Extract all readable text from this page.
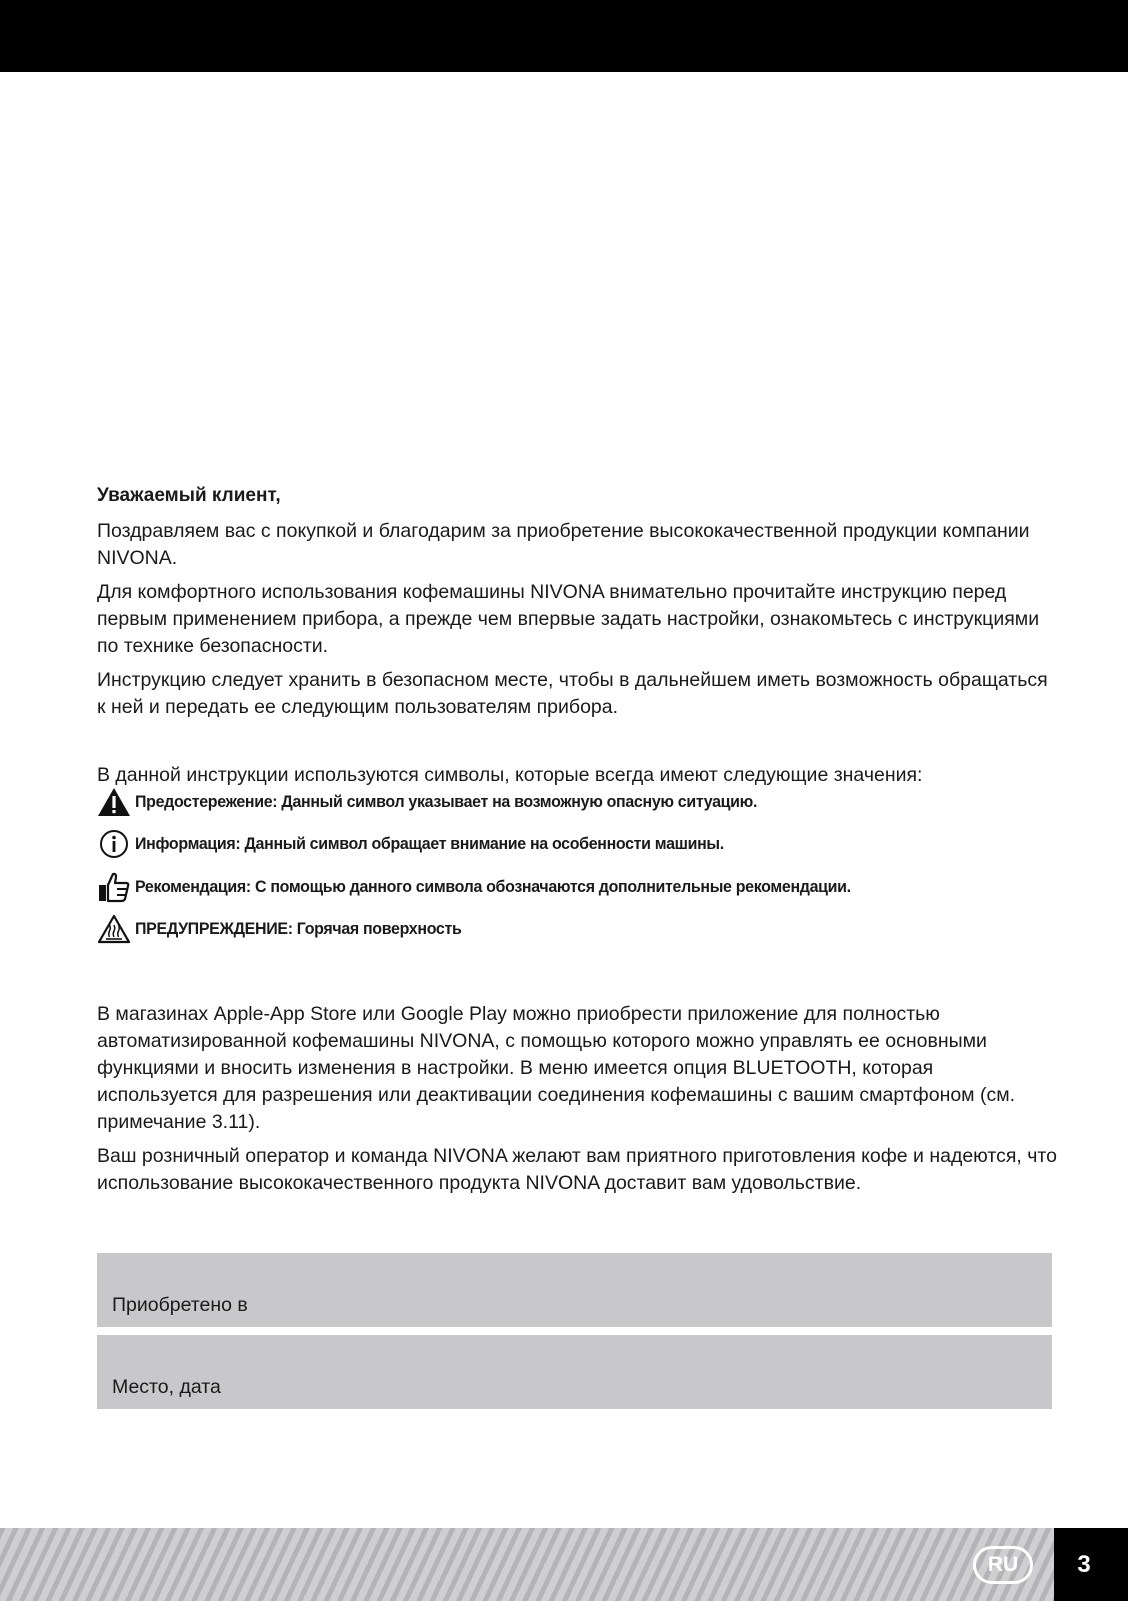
Уважаемый клиент,

Поздравляем вас с покупкой и благодарим за приобретение высококачественной продукции компании NIVONA.

Для комфортного использования кофемашины NIVONA внимательно прочитайте инструкцию перед первым применением прибора, а прежде чем впервые задать настройки, ознакомьтесь с инструкциями по технике безопасности.

Инструкцию следует хранить в безопасном месте, чтобы в дальнейшем иметь возможность обращаться к ней и передать ее следующим пользователям прибора.

В данной инструкции используются символы, которые всегда имеют следующие значения:
Предостережение: Данный символ указывает на возможную опасную ситуацию.
Информация: Данный символ обращает внимание на особенности машины.
Рекомендация: С помощью данного символа обозначаются дополнительные рекомендации.
ПРЕДУПРЕЖДЕНИЕ: Горячая поверхность

В магазинах Apple-App Store или Google Play можно приобрести приложение для полностью автоматизированной кофемашины NIVONA, с помощью которого можно управлять ее основными функциями и вносить изменения в настройки. В меню имеется опция BLUETOOTH, которая используется для разрешения или деактивации соединения кофемашины с вашим смартфоном (см. примечание 3.11).

Ваш розничный оператор и команда NIVONA желают вам приятного приготовления кофе и надеются, что использование высококачественного продукта NIVONA доставит вам удовольствие.

Приобретено в
Место, дата
RU	3
